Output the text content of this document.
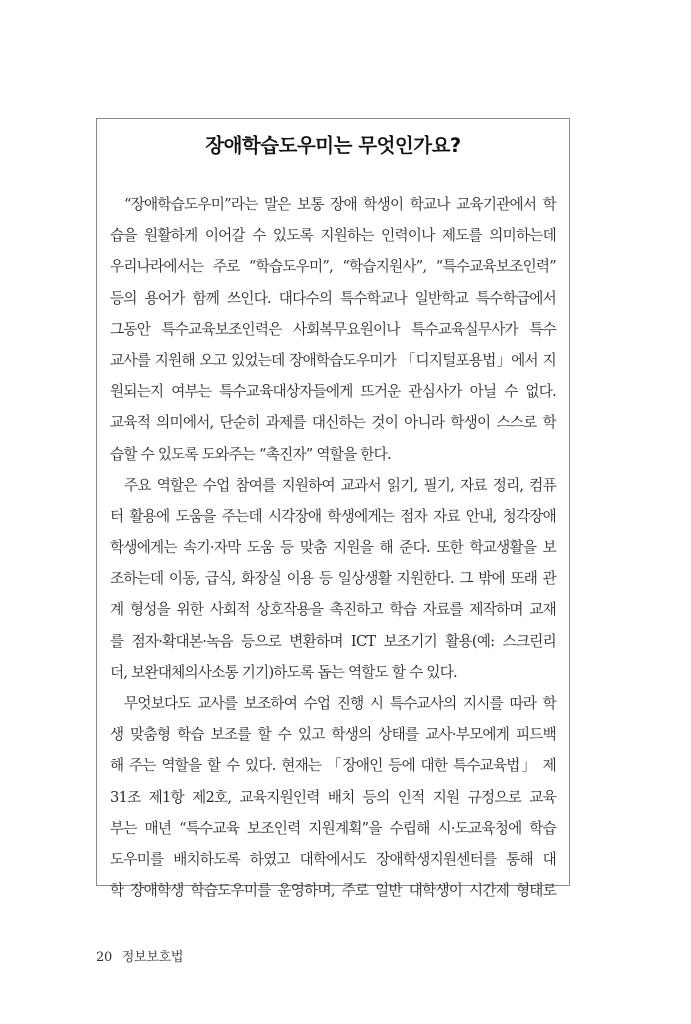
장애학습도우미는 무엇인가요?
“장애학습도우미”라는 말은 보통 장애 학생이 학교나 교육기관에서 학
습을 원활하게 이어갈 수 있도록 지원하는 인력이나 제도를 의미하는데
우리나라에서는 주로 “학습도우미”, “학습지원사”, “특수교육보조인력”
등의 용어가 함께 쓰인다. 대다수의 특수학교나 일반학교 특수학급에서
그동안 특수교육보조인력은 사회복무요원이나 특수교육실무사가 특수
교사를 지원해 오고 있었는데 장애학습도우미가 「디지털포용법」에서 지
원되는지 여부는 특수교육대상자들에게 뜨거운 관심사가 아닐 수 없다.
교육적 의미에서, 단순히 과제를 대신하는 것이 아니라 학생이 스스로 학
습할 수 있도록 도와주는 “촉진자” 역할을 한다.
주요 역할은 수업 참여를 지원하여 교과서 읽기, 필기, 자료 정리, 컴퓨
터 활용에 도움을 주는데 시각장애 학생에게는 점자 자료 안내, 청각장애
학생에게는 속기·자막 도움 등 맞춤 지원을 해 준다. 또한 학교생활을 보
조하는데 이동, 급식, 화장실 이용 등 일상생활 지원한다. 그 밖에 또래 관
계 형성을 위한 사회적 상호작용을 촉진하고 학습 자료를 제작하며 교재
를 점자·확대본·녹음 등으로 변환하며 ICT 보조기기 활용(예: 스크린리
더, 보완대체의사소통 기기)하도록 돕는 역할도 할 수 있다.
무엇보다도 교사를 보조하여 수업 진행 시 특수교사의 지시를 따라 학
생 맞춤형 학습 보조를 할 수 있고 학생의 상태를 교사·부모에게 피드백
해 주는 역할을 할 수 있다. 현재는 「장애인 등에 대한 특수교육법」 제
31조 제1항 제2호, 교육지원인력 배치 등의 인적 지원 규정으로 교육
부는 매년 “특수교육 보조인력 지원계획”을 수립해 시·도교육청에 학습
도우미를 배치하도록 하였고 대학에서도 장애학생지원센터를 통해 대
학 장애학생 학습도우미를 운영하며, 주로 일반 대학생이 시간제 형태로
20 정보보호법
